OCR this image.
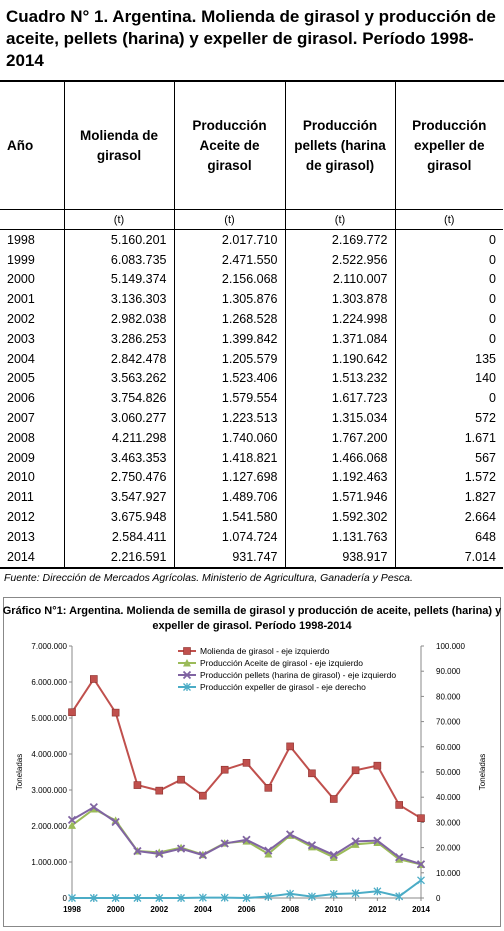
Cuadro N° 1. Argentina. Molienda de girasol y producción de aceite, pellets (harina) y expeller de girasol. Período 1998-2014
Año	Molienda de girasol	Producción Aceite de girasol	Producción pellets (harina de girasol)	Producción expeller de girasol
	(t)	(t)	(t)	(t)
1998	5.160.201	2.017.710	2.169.772	0
1999	6.083.735	2.471.550	2.522.956	0
2000	5.149.374	2.156.068	2.110.007	0
2001	3.136.303	1.305.876	1.303.878	0
2002	2.982.038	1.268.528	1.224.998	0
2003	3.286.253	1.399.842	1.371.084	0
2004	2.842.478	1.205.579	1.190.642	135
2005	3.563.262	1.523.406	1.513.232	140
2006	3.754.826	1.579.554	1.617.723	0
2007	3.060.277	1.223.513	1.315.034	572
2008	4.211.298	1.740.060	1.767.200	1.671
2009	3.463.353	1.418.821	1.466.068	567
2010	2.750.476	1.127.698	1.192.463	1.572
2011	3.547.927	1.489.706	1.571.946	1.827
2012	3.675.948	1.541.580	1.592.302	2.664
2013	2.584.411	1.074.724	1.131.763	648
2014	2.216.591	931.747	938.917	7.014
Fuente: Dirección de Mercados Agrícolas. Ministerio de Agricultura, Ganadería y Pesca.
Gráfico N°1: Argentina. Molienda de semilla de girasol y producción de aceite, pellets (harina) y expeller de girasol. Período 1998-2014
0
1.000.000
2.000.000
3.000.000
4.000.000
5.000.000
6.000.000
7.000.000
0
10.000
20.000
30.000
40.000
50.000
60.000
70.000
80.000
90.000
100.000
1998	2000	2002	2004	2006	2008	2010	2012	2014
Toneladas	Toneladas
Molienda de girasol - eje izquierdo
Producción Aceite de girasol - eje izquierdo
Producción pellets (harina de girasol) - eje izquierdo
Producción expeller de girasol - eje derecho
